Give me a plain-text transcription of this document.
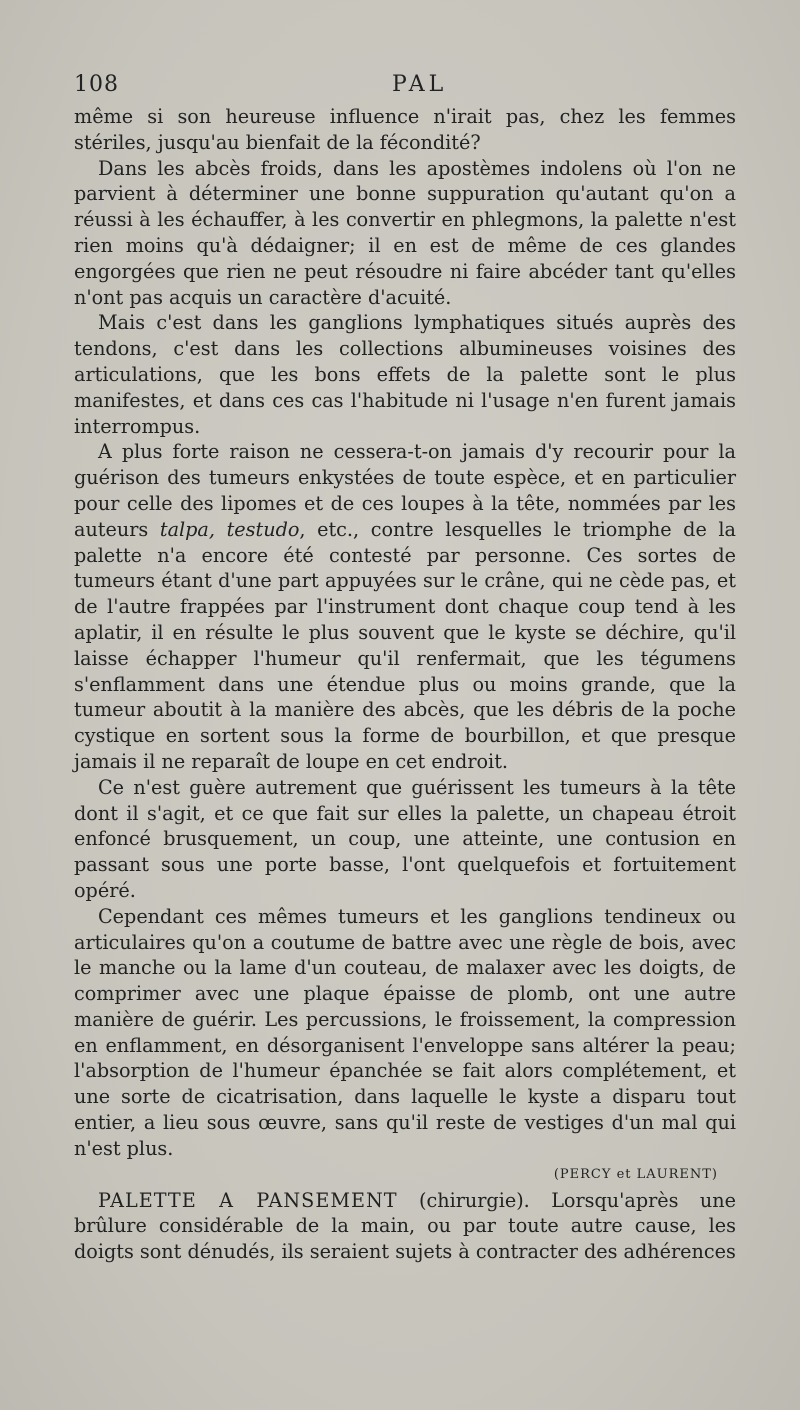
108	PAL

même si son heureuse influence n'irait pas, chez les femmes stériles, jusqu'au bienfait de la fécondité?

Dans les abcès froids, dans les apostèmes indolens où l'on ne parvient à déterminer une bonne suppuration qu'autant qu'on a réussi à les échauffer, à les convertir en phlegmons, la palette n'est rien moins qu'à dédaigner; il en est de même de ces glandes engorgées que rien ne peut résoudre ni faire abcéder tant qu'elles n'ont pas acquis un caractère d'acuité.

Mais c'est dans les ganglions lymphatiques situés auprès des tendons, c'est dans les collections albumineuses voisines des articulations, que les bons effets de la palette sont le plus manifestes, et dans ces cas l'habitude ni l'usage n'en furent jamais interrompus.

A plus forte raison ne cessera-t-on jamais d'y recourir pour la guérison des tumeurs enkystées de toute espèce, et en particulier pour celle des lipomes et de ces loupes à la tête, nommées par les auteurs talpa, testudo, etc., contre lesquelles le triomphe de la palette n'a encore été contesté par personne. Ces sortes de tumeurs étant d'une part appuyées sur le crâne, qui ne cède pas, et de l'autre frappées par l'instrument dont chaque coup tend à les aplatir, il en résulte le plus souvent que le kyste se déchire, qu'il laisse échapper l'humeur qu'il renfermait, que les tégumens s'enflamment dans une étendue plus ou moins grande, que la tumeur aboutit à la manière des abcès, que les débris de la poche cystique en sortent sous la forme de bourbillon, et que presque jamais il ne reparaît de loupe en cet endroit.

Ce n'est guère autrement que guérissent les tumeurs à la tête dont il s'agit, et ce que fait sur elles la palette, un chapeau étroit enfoncé brusquement, un coup, une atteinte, une contusion en passant sous une porte basse, l'ont quelquefois et fortuitement opéré.

Cependant ces mêmes tumeurs et les ganglions tendineux ou articulaires qu'on a coutume de battre avec une règle de bois, avec le manche ou la lame d'un couteau, de malaxer avec les doigts, de comprimer avec une plaque épaisse de plomb, ont une autre manière de guérir. Les percussions, le froissement, la compression en enflamment, en désorganisent l'enveloppe sans altérer la peau; l'absorption de l'humeur épanchée se fait alors complétement, et une sorte de cicatrisation, dans laquelle le kyste a disparu tout entier, a lieu sous œuvre, sans qu'il reste de vestiges d'un mal qui n'est plus.

(PERCY et LAURENT)

PALETTE A PANSEMENT (chirurgie). Lorsqu'après une brûlure considérable de la main, ou par toute autre cause, les doigts sont dénudés, ils seraient sujets à contracter des adhérences
